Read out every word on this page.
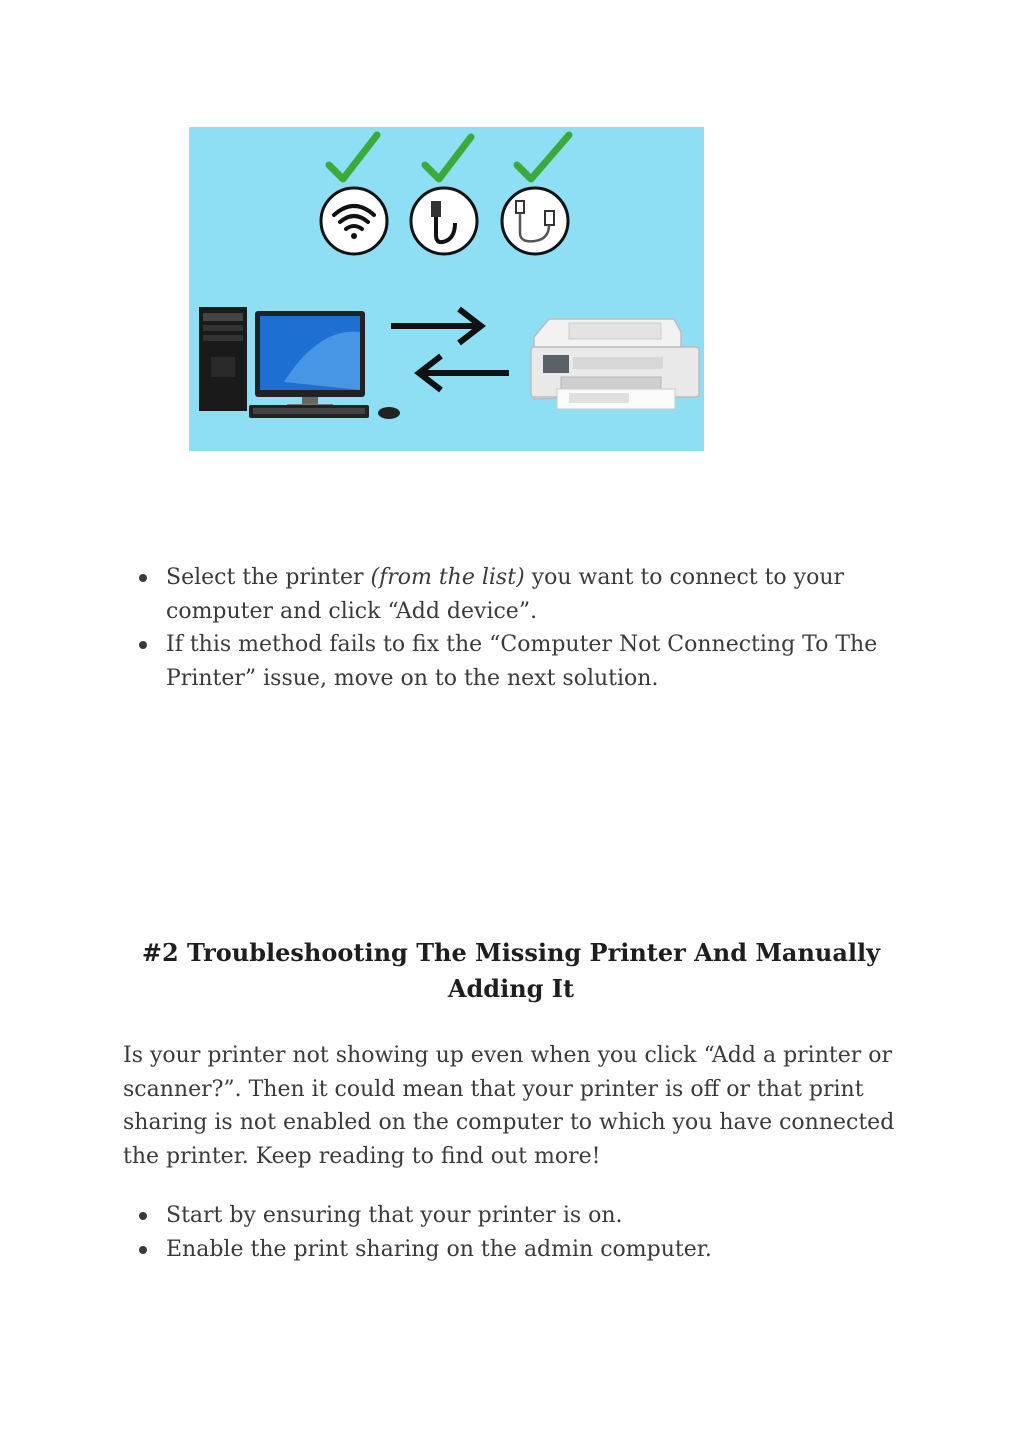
Select the printer (from the list) you want to connect to your computer and click “Add device”.
If this method fails to fix the “Computer Not Connecting To The Printer” issue, move on to the next solution.
#2 Troubleshooting The Missing Printer And Manually Adding It

Is your printer not showing up even when you click “Add a printer or scanner?”. Then it could mean that your printer is off or that print sharing is not enabled on the computer to which you have connected the printer. Keep reading to find out more!

Start by ensuring that your printer is on.
Enable the print sharing on the admin computer.
